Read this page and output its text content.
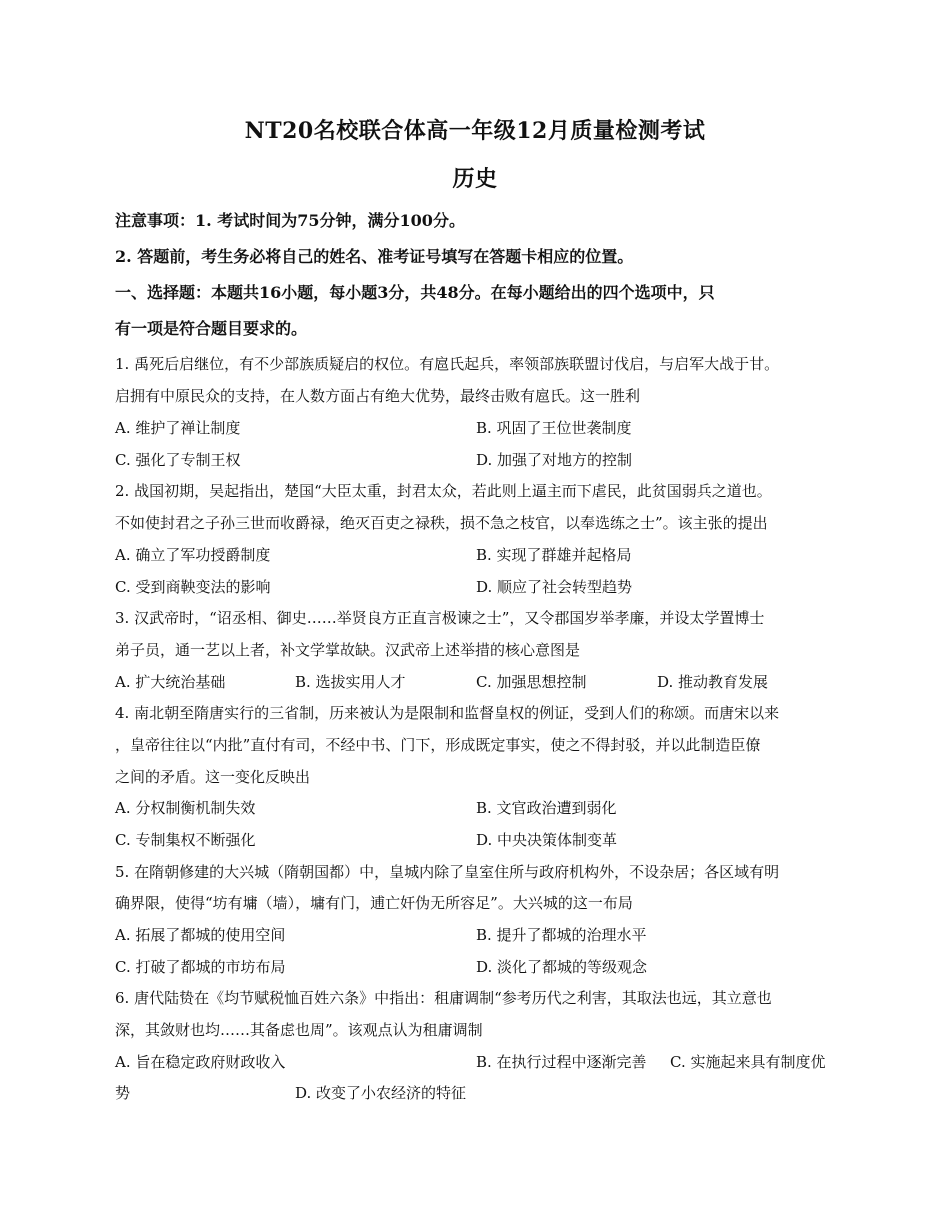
NT20名校联合体高一年级12月质量检测考试
历史
注意事项：1. 考试时间为75分钟，满分100分。
2. 答题前，考生务必将自己的姓名、准考证号填写在答题卡相应的位置。
一、选择题：本题共16小题，每小题3分，共48分。在每小题给出的四个选项中，只
有一项是符合题目要求的。
1. 禹死后启继位，有不少部族质疑启的权位。有扈氏起兵，率领部族联盟讨伐启，与启军大战于甘。
启拥有中原民众的支持，在人数方面占有绝大优势，最终击败有扈氏。这一胜利
A. 维护了禅让制度	B. 巩固了王位世袭制度
C. 强化了专制王权	D. 加强了对地方的控制
2. 战国初期，吴起指出，楚国“大臣太重，封君太众，若此则上逼主而下虐民，此贫国弱兵之道也。
不如使封君之子孙三世而收爵禄，绝灭百吏之禄秩，损不急之枝官，以奉选练之士”。该主张的提出
A. 确立了军功授爵制度	B. 实现了群雄并起格局
C. 受到商鞅变法的影响	D. 顺应了社会转型趋势
3. 汉武帝时，“诏丞相、御史……举贤良方正直言极谏之士”，又令郡国岁举孝廉，并设太学置博士
弟子员，通一艺以上者，补文学掌故缺。汉武帝上述举措的核心意图是
A. 扩大统治基础	B. 选拔实用人才	C. 加强思想控制	D. 推动教育发展
4. 南北朝至隋唐实行的三省制，历来被认为是限制和监督皇权的例证，受到人们的称颂。而唐宋以来
，皇帝往往以“内批”直付有司，不经中书、门下，形成既定事实，使之不得封驳，并以此制造臣僚
之间的矛盾。这一变化反映出
A. 分权制衡机制失效	B. 文官政治遭到弱化
C. 专制集权不断强化	D. 中央决策体制变革
5. 在隋朝修建的大兴城（隋朝国都）中，皇城内除了皇室住所与政府机构外，不设杂居；各区域有明
确界限，使得“坊有墉（墙），墉有门，逋亡奸伪无所容足”。大兴城的这一布局
A. 拓展了都城的使用空间	B. 提升了都城的治理水平
C. 打破了都城的市坊布局	D. 淡化了都城的等级观念
6. 唐代陆贽在《均节赋税恤百姓六条》中指出：租庸调制“参考历代之利害，其取法也远，其立意也
深，其敛财也均……其备虑也周”。该观点认为租庸调制
A. 旨在稳定政府财政收入	B. 在执行过程中逐渐完善 C. 实施起来具有制度优
势	D. 改变了小农经济的特征
